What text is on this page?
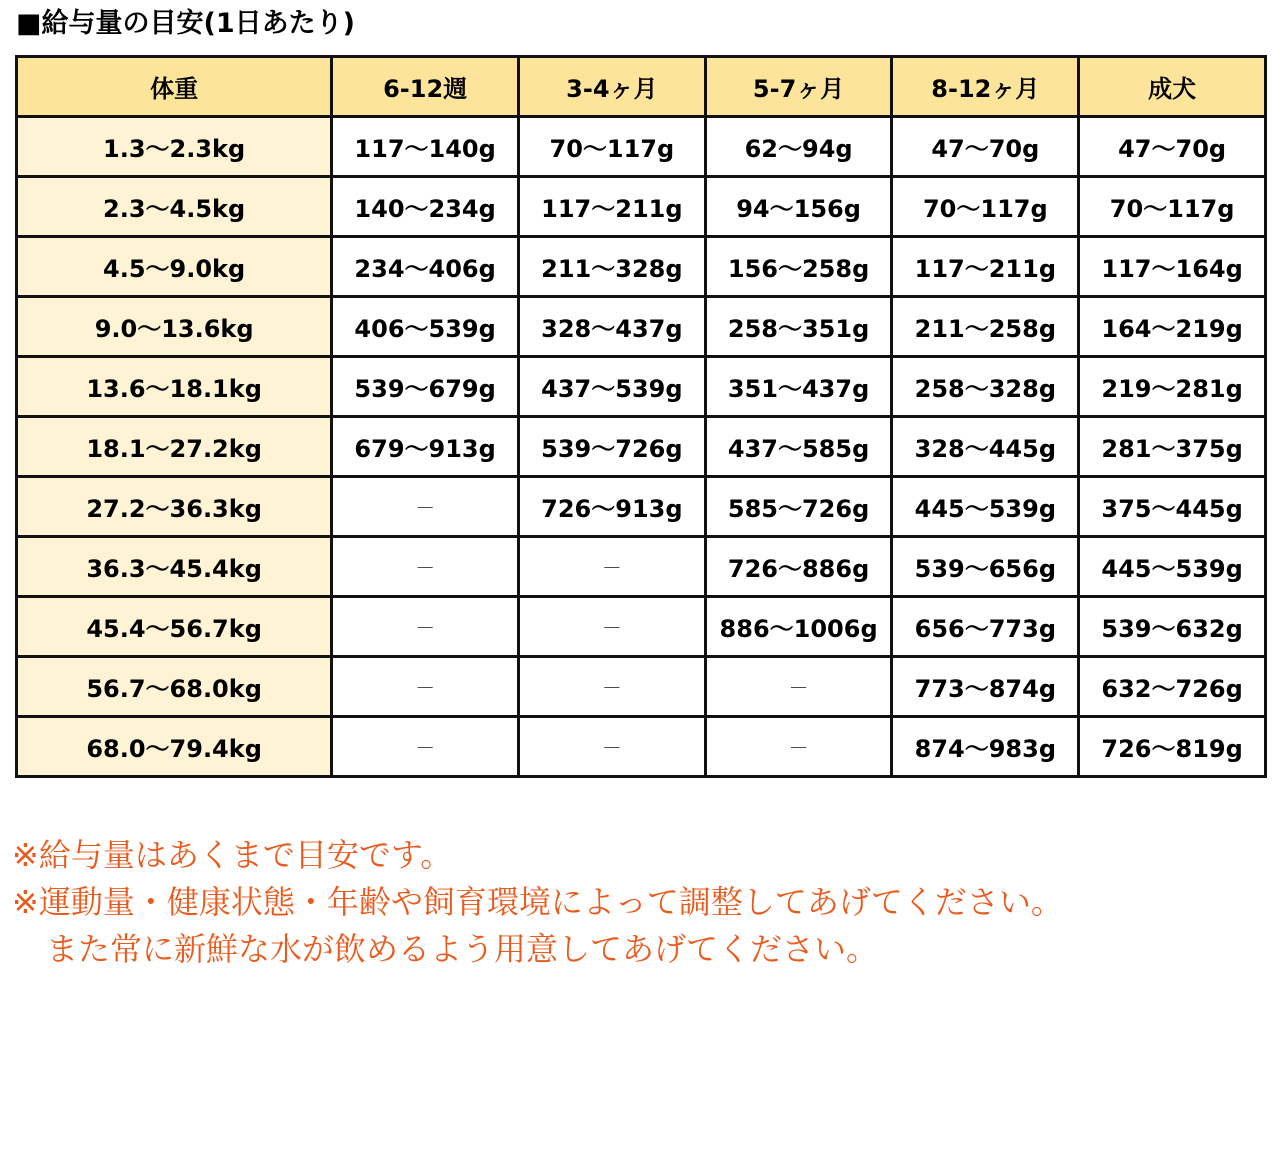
■給与量の目安(1日あたり)
体重	6-12週	3-4ヶ月	5-7ヶ月	8-12ヶ月	成犬
1.3〜2.3kg	117〜140g	70〜117g	62〜94g	47〜70g	47〜70g
2.3〜4.5kg	140〜234g	117〜211g	94〜156g	70〜117g	70〜117g
4.5〜9.0kg	234〜406g	211〜328g	156〜258g	117〜211g	117〜164g
9.0〜13.6kg	406〜539g	328〜437g	258〜351g	211〜258g	164〜219g
13.6〜18.1kg	539〜679g	437〜539g	351〜437g	258〜328g	219〜281g
18.1〜27.2kg	679〜913g	539〜726g	437〜585g	328〜445g	281〜375g
27.2〜36.3kg	－	726〜913g	585〜726g	445〜539g	375〜445g
36.3〜45.4kg	－	－	726〜886g	539〜656g	445〜539g
45.4〜56.7kg	－	－	886〜1006g	656〜773g	539〜632g
56.7〜68.0kg	－	－	－	773〜874g	632〜726g
68.0〜79.4kg	－	－	－	874〜983g	726〜819g
※給与量はあくまで目安です。
※運動量・健康状態・年齢や飼育環境によって調整してあげてください。
また常に新鮮な水が飲めるよう用意してあげてください。
